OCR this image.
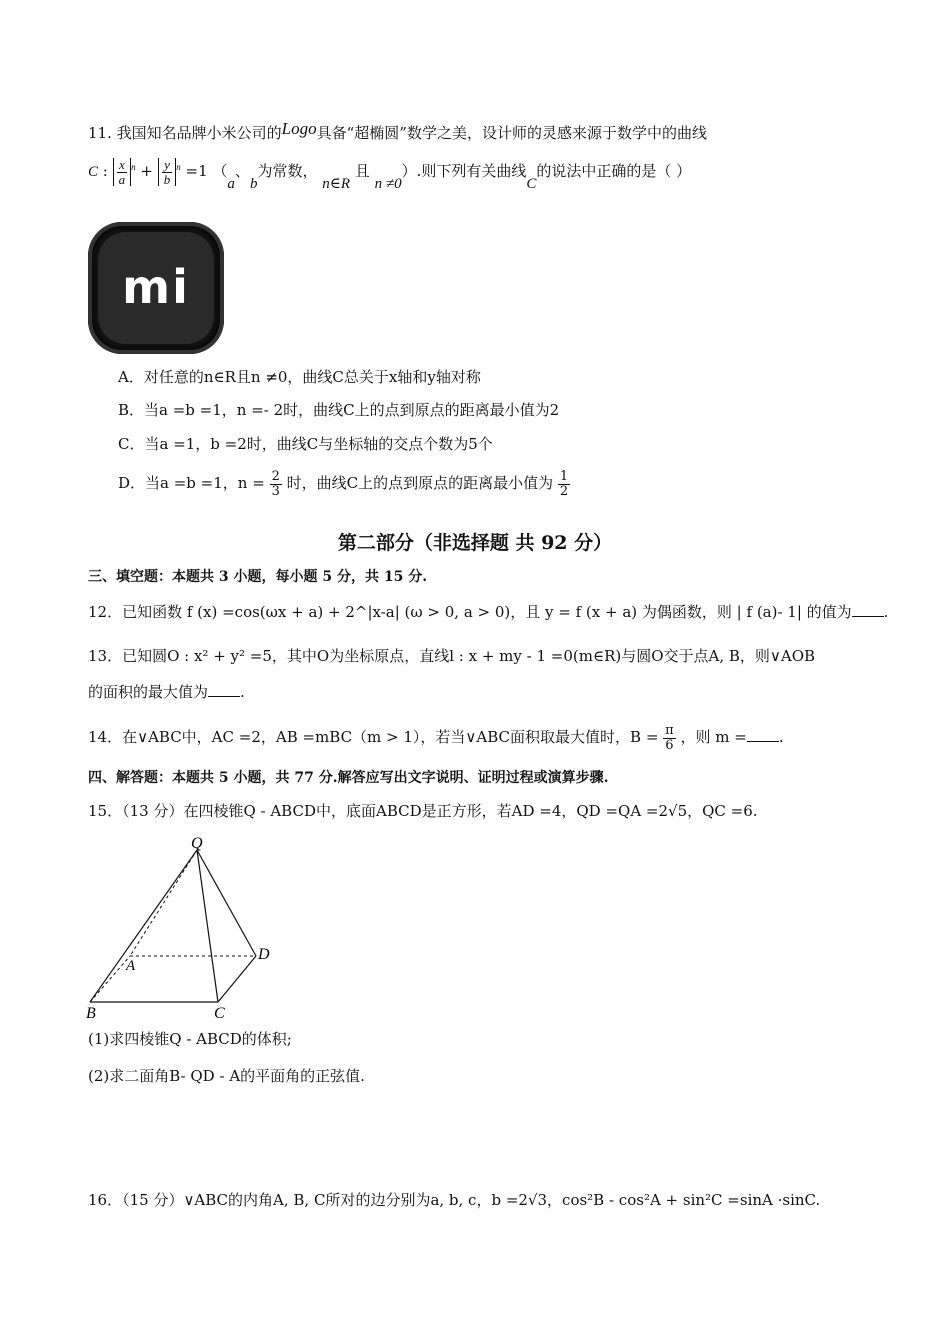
11. 我国知名品牌小米公司的Logo具备“超椭圆”数学之美，设计师的灵感来源于数学中的曲线
C : $\frac{x}{a} ^n + \frac{y}{b} ^n =1$ （a、b为常数， n∈R 且 n ≠0）.则下列有关曲线C的说法中正确的是（ ）
mi
A．对任意的n∈R且n ≠0，曲线C总关于x轴和y轴对称
B．当a =b =1，n =- 2时，曲线C上的点到原点的距离最小值为2
C．当a =1，b =2时，曲线C与坐标轴的交点个数为5个
D．当a =b =1，$n = \frac{2}{3}$ 时，曲线C上的点到原点的距离最小值为 $\frac{1}{2}$
第二部分（非选择题 共 92 分）
三、填空题：本题共 3 小题，每小题 5 分，共 15 分.
12．已知函数 f (x) =cos(ωx + a) + 2^|x-a| (ω > 0, a > 0)，且 y = f (x + a) 为偶函数，则 | f (a)- 1| 的值为 .
13．已知圆O : x² + y² =5，其中O为坐标原点，直线l : x + my - 1 =0(m∈R)与圆O交于点A, B，则∨AOB
的面积的最大值为 .
14．在∨ABC中，AC =2，AB =mBC（m > 1），若当∨ABC面积取最大值时，$B = \frac{\pi}{6}$ ，则 m = .
四、解答题：本题共 5 小题，共 77 分.解答应写出文字说明、证明过程或演算步骤.
15．（13 分）在四棱锥Q - ABCD中，底面ABCD是正方形，若AD =4，QD =QA =2√5，QC =6.
Q
A
B	C
D
(1)求四棱锥Q - ABCD的体积;
(2)求二面角B- QD - A的平面角的正弦值.
16．（15 分）∨ABC的内角A, B, C所对的边分别为a, b, c，b =2√3，cos²B - cos²A + sin²C =sinA ·sinC.
